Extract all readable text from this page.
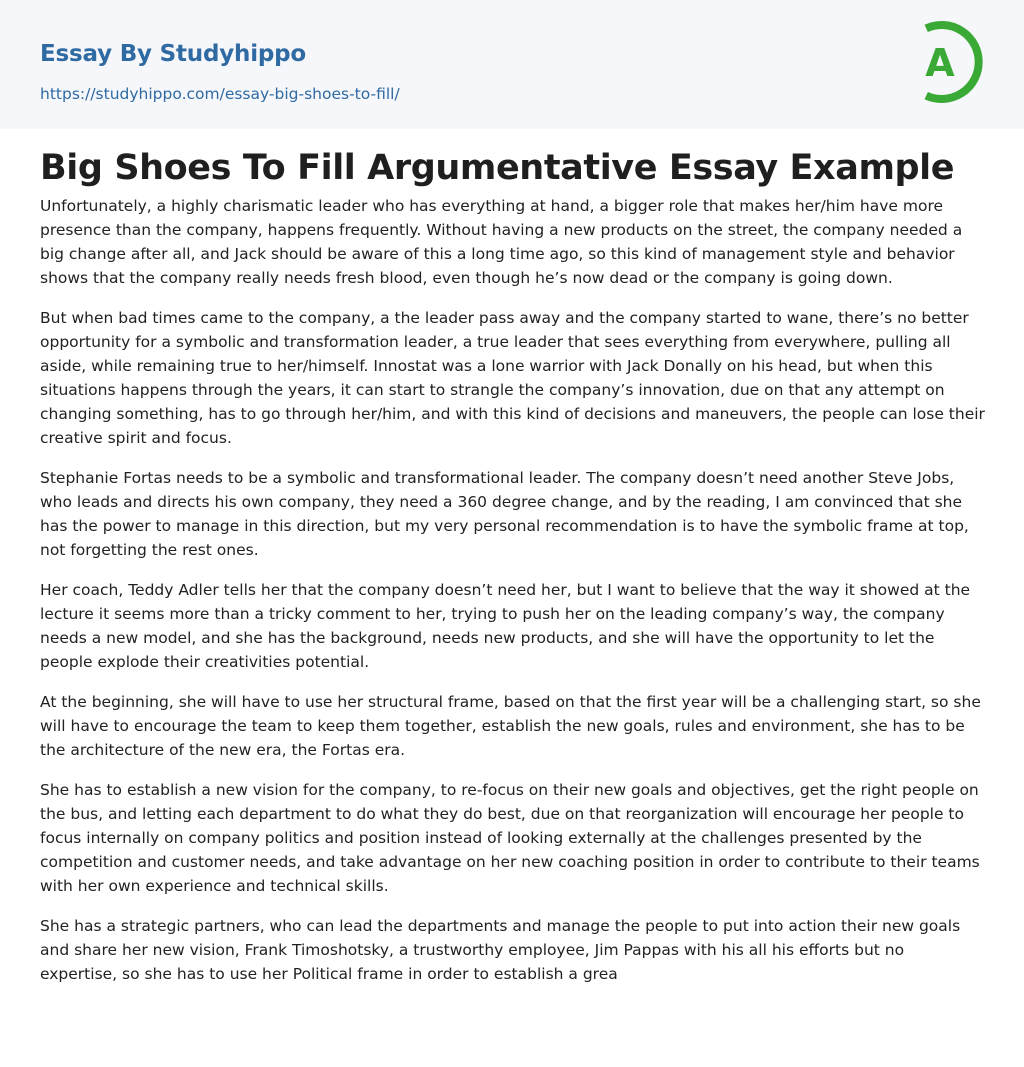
Essay By Studyhippo
https://studyhippo.com/essay-big-shoes-to-fill/
A
Big Shoes To Fill Argumentative Essay Example

Unfortunately, a highly charismatic leader who has everything at hand, a bigger role that makes her/him have more presence than the company, happens frequently. Without having a new products on the street, the company needed a big change after all, and Jack should be aware of this a long time ago, so this kind of management style and behavior shows that the company really needs fresh blood, even though he’s now dead or the company is going down.

But when bad times came to the company, a the leader pass away and the company started to wane, there’s no better opportunity for a symbolic and transformation leader, a true leader that sees everything from everywhere, pulling all aside, while remaining true to her/himself. Innostat was a lone warrior with Jack Donally on his head, but when this situations happens through the years, it can start to strangle the company’s innovation, due on that any attempt on changing something, has to go through her/him, and with this kind of decisions and maneuvers, the people can lose their creative spirit and focus.

Stephanie Fortas needs to be a symbolic and transformational leader. The company doesn’t need another Steve Jobs, who leads and directs his own company, they need a 360 degree change, and by the reading, I am convinced that she has the power to manage in this direction, but my very personal recommendation is to have the symbolic frame at top, not forgetting the rest ones.

Her coach, Teddy Adler tells her that the company doesn’t need her, but I want to believe that the way it showed at the lecture it seems more than a tricky comment to her, trying to push her on the leading company’s way, the company needs a new model, and she has the background, needs new products, and she will have the opportunity to let the people explode their creativities potential.

At the beginning, she will have to use her structural frame, based on that the first year will be a challenging start, so she will have to encourage the team to keep them together, establish the new goals, rules and environment, she has to be the architecture of the new era, the Fortas era.

She has to establish a new vision for the company, to re-focus on their new goals and objectives, get the right people on the bus, and letting each department to do what they do best, due on that reorganization will encourage her people to focus internally on company politics and position instead of looking externally at the challenges presented by the competition and customer needs, and take advantage on her new coaching position in order to contribute to their teams with her own experience and technical skills.

She has a strategic partners, who can lead the departments and manage the people to put into action their new goals and share her new vision, Frank Timoshotsky, a trustworthy employee, Jim Pappas with his all his efforts but no expertise, so she has to use her Political frame in order to establish a grea
